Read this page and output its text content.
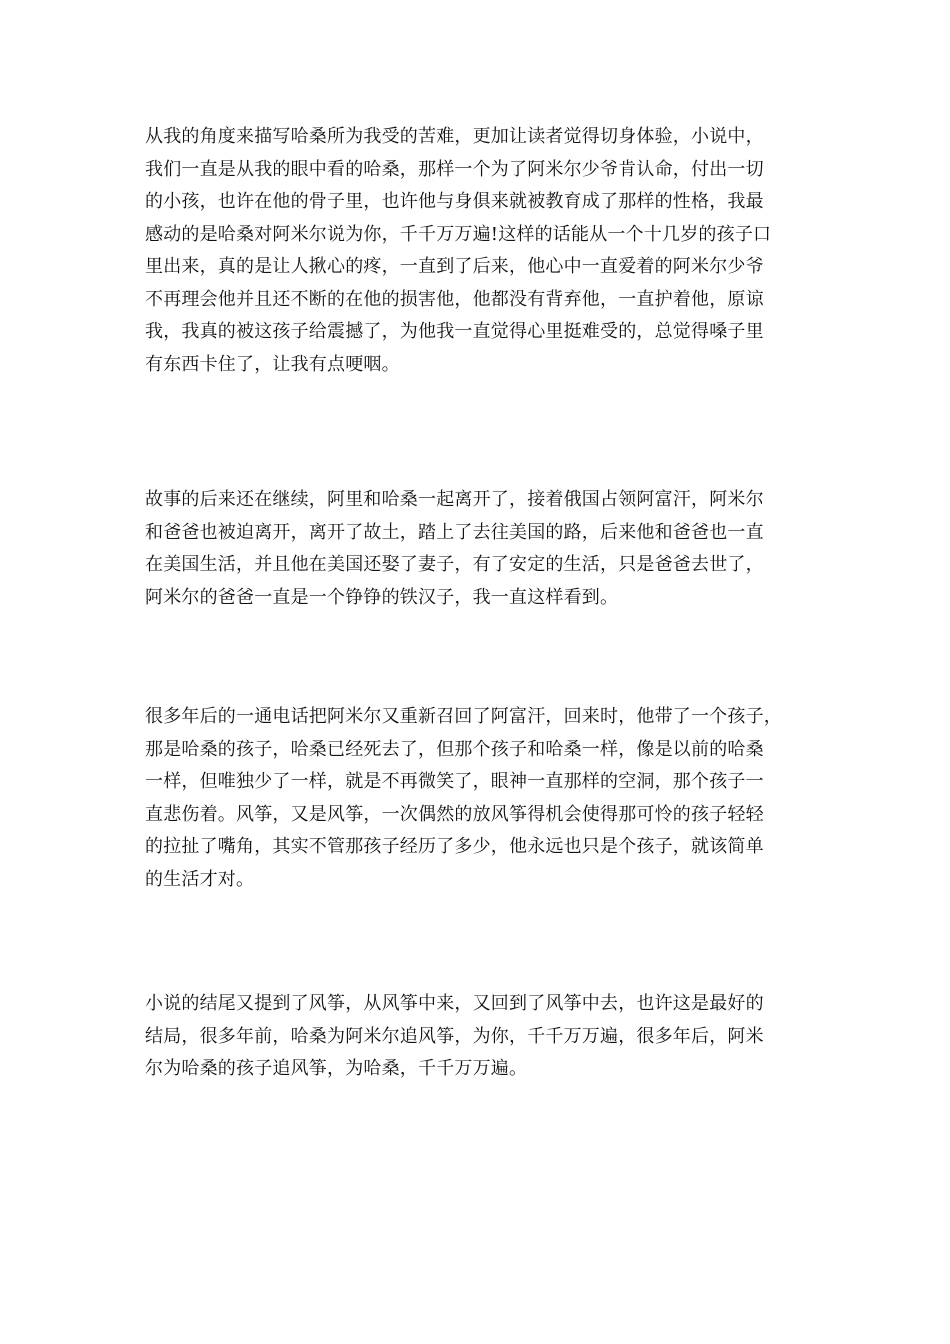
从我的角度来描写哈桑所为我受的苦难，更加让读者觉得切身体验，小说中，
我们一直是从我的眼中看的哈桑，那样一个为了阿米尔少爷肯认命，付出一切
的小孩，也许在他的骨子里，也许他与身俱来就被教育成了那样的性格，我最
感动的是哈桑对阿米尔说为你，千千万万遍!这样的话能从一个十几岁的孩子口
里出来，真的是让人揪心的疼，一直到了后来，他心中一直爱着的阿米尔少爷
不再理会他并且还不断的在他的损害他，他都没有背弃他，一直护着他，原谅
我，我真的被这孩子给震撼了，为他我一直觉得心里挺难受的，总觉得嗓子里
有东西卡住了，让我有点哽咽。
故事的后来还在继续，阿里和哈桑一起离开了，接着俄国占领阿富汗，阿米尔
和爸爸也被迫离开，离开了故土，踏上了去往美国的路，后来他和爸爸也一直
在美国生活，并且他在美国还娶了妻子，有了安定的生活，只是爸爸去世了，
阿米尔的爸爸一直是一个铮铮的铁汉子，我一直这样看到。
很多年后的一通电话把阿米尔又重新召回了阿富汗，回来时，他带了一个孩子，
那是哈桑的孩子，哈桑已经死去了，但那个孩子和哈桑一样，像是以前的哈桑
一样，但唯独少了一样，就是不再微笑了，眼神一直那样的空洞，那个孩子一
直悲伤着。风筝，又是风筝，一次偶然的放风筝得机会使得那可怜的孩子轻轻
的拉扯了嘴角，其实不管那孩子经历了多少，他永远也只是个孩子，就该简单
的生活才对。
小说的结尾又提到了风筝，从风筝中来，又回到了风筝中去，也许这是最好的
结局，很多年前，哈桑为阿米尔追风筝，为你，千千万万遍，很多年后，阿米
尔为哈桑的孩子追风筝，为哈桑，千千万万遍。
